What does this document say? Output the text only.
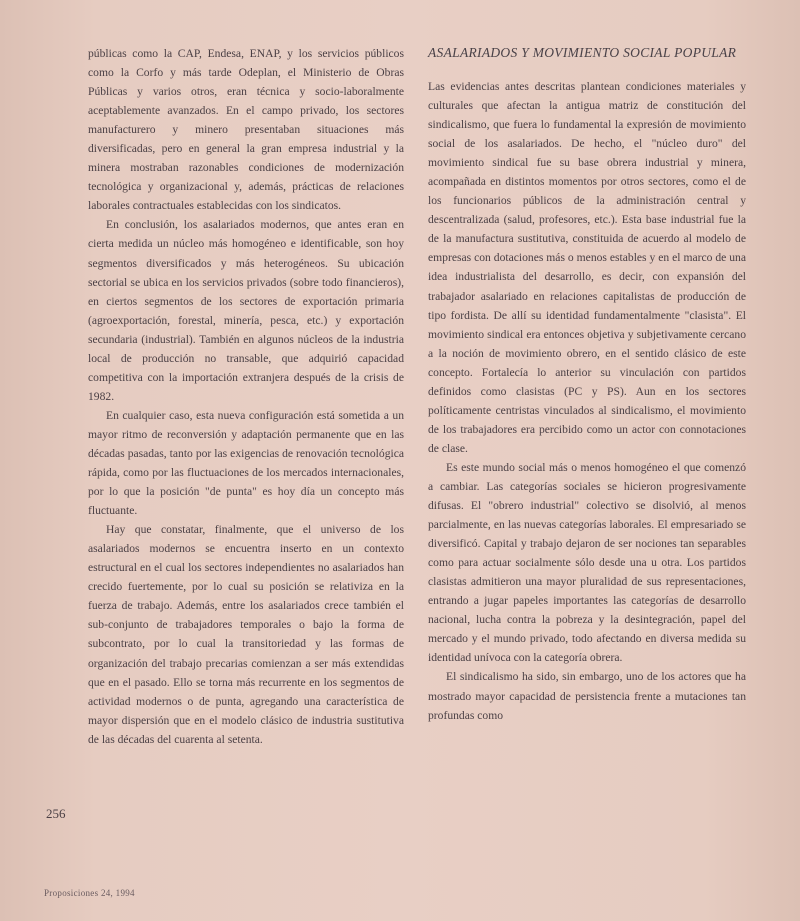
públicas como la CAP, Endesa, ENAP, y los servicios públicos como la Corfo y más tarde Odeplan, el Ministerio de Obras Públicas y varios otros, eran técnica y socio-laboralmente aceptablemente avanzados. En el campo privado, los sectores manufacturero y minero presentaban situaciones más diversificadas, pero en general la gran empresa industrial y la minera mostraban razonables condiciones de modernización tecnológica y organizacional y, además, prácticas de relaciones laborales contractuales establecidas con los sindicatos.

En conclusión, los asalariados modernos, que antes eran en cierta medida un núcleo más homogéneo e identificable, son hoy segmentos diversificados y más heterogéneos. Su ubicación sectorial se ubica en los servicios privados (sobre todo financieros), en ciertos segmentos de los sectores de exportación primaria (agroexportación, forestal, minería, pesca, etc.) y exportación secundaria (industrial). También en algunos núcleos de la industria local de producción no transable, que adquirió capacidad competitiva con la importación extranjera después de la crisis de 1982.

En cualquier caso, esta nueva configuración está sometida a un mayor ritmo de reconversión y adaptación permanente que en las décadas pasadas, tanto por las exigencias de renovación tecnológica rápida, como por las fluctuaciones de los mercados internacionales, por lo que la posición "de punta" es hoy día un concepto más fluctuante.

Hay que constatar, finalmente, que el universo de los asalariados modernos se encuentra inserto en un contexto estructural en el cual los sectores independientes no asalariados han crecido fuertemente, por lo cual su posición se relativiza en la fuerza de trabajo. Además, entre los asalariados crece también el sub-conjunto de trabajadores temporales o bajo la forma de subcontrato, por lo cual la transitoriedad y las formas de organización del trabajo precarias comienzan a ser más extendidas que en el pasado. Ello se torna más recurrente en los segmentos de actividad modernos o de punta, agregando una característica de mayor dispersión que en el modelo clásico de industria sustitutiva de las décadas del cuarenta al setenta.

ASALARIADOS Y MOVIMIENTO SOCIAL POPULAR

Las evidencias antes descritas plantean condiciones materiales y culturales que afectan la antigua matriz de constitución del sindicalismo, que fuera lo fundamental la expresión de movimiento social de los asalariados. De hecho, el "núcleo duro" del movimiento sindical fue su base obrera industrial y minera, acompañada en distintos momentos por otros sectores, como el de los funcionarios públicos de la administración central y descentralizada (salud, profesores, etc.). Esta base industrial fue la de la manufactura sustitutiva, constituida de acuerdo al modelo de empresas con dotaciones más o menos estables y en el marco de una idea industrialista del desarrollo, es decir, con expansión del trabajador asalariado en relaciones capitalistas de producción de tipo fordista. De allí su identidad fundamentalmente "clasista". El movimiento sindical era entonces objetiva y subjetivamente cercano a la noción de movimiento obrero, en el sentido clásico de este concepto. Fortalecía lo anterior su vinculación con partidos definidos como clasistas (PC y PS). Aun en los sectores políticamente centristas vinculados al sindicalismo, el movimiento de los trabajadores era percibido como un actor con connotaciones de clase.

Es este mundo social más o menos homogéneo el que comenzó a cambiar. Las categorías sociales se hicieron progresivamente difusas. El "obrero industrial" colectivo se disolvió, al menos parcialmente, en las nuevas categorías laborales. El empresariado se diversificó. Capital y trabajo dejaron de ser nociones tan separables como para actuar socialmente sólo desde una u otra. Los partidos clasistas admitieron una mayor pluralidad de sus representaciones, entrando a jugar papeles importantes las categorías de desarrollo nacional, lucha contra la pobreza y la desintegración, papel del mercado y el mundo privado, todo afectando en diversa medida su identidad unívoca con la categoría obrera.

El sindicalismo ha sido, sin embargo, uno de los actores que ha mostrado mayor capacidad de persistencia frente a mutaciones tan profundas como

256
Proposiciones 24, 1994
